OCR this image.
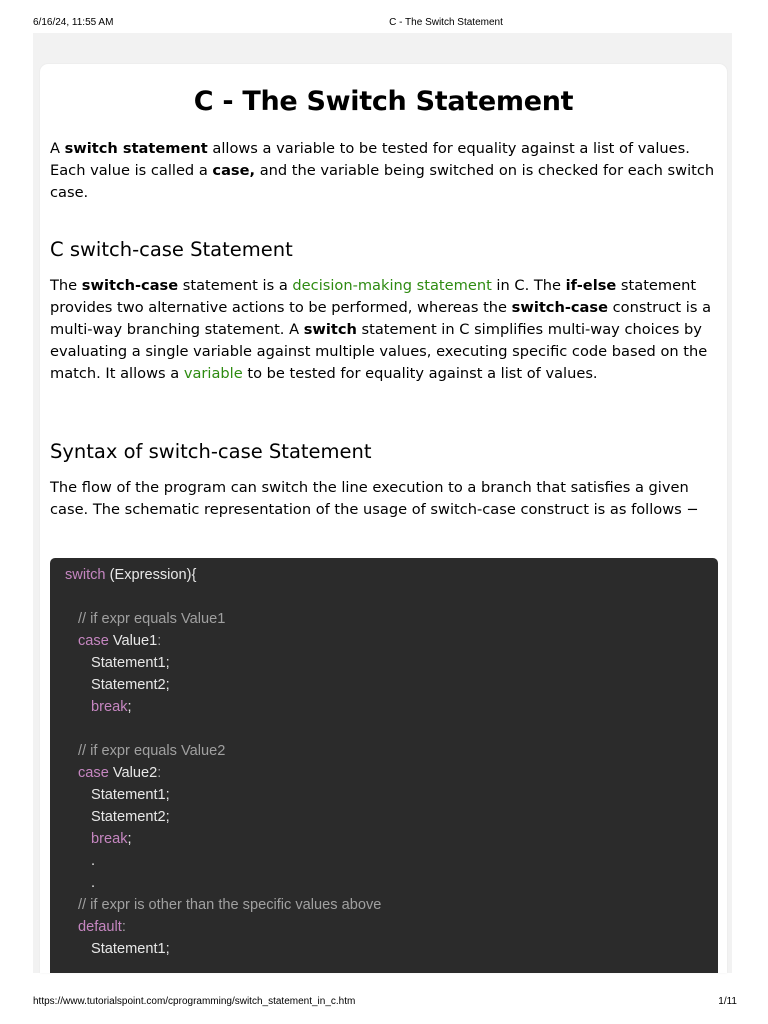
6/16/24, 11:55 AM	C - The Switch Statement
C - The Switch Statement

A switch statement allows a variable to be tested for equality against a list of values. Each value is called a case, and the variable being switched on is checked for each switch case.

C switch-case Statement

The switch-case statement is a decision-making statement in C. The if-else statement provides two alternative actions to be performed, whereas the switch-case construct is a multi-way branching statement. A switch statement in C simplifies multi-way choices by evaluating a single variable against multiple values, executing specific code based on the match. It allows a variable to be tested for equality against a list of values.

Syntax of switch-case Statement

The flow of the program can switch the line execution to a branch that satisfies a given case. The schematic representation of the usage of switch-case construct is as follows −

switch (Expression){
// if expr equals Value1
case Value1:
Statement1;
Statement2;
break;
// if expr equals Value2
case Value2:
Statement1;
Statement2;
break;
.
.
// if expr is other than the specific values above
default:
Statement1;
https://www.tutorialspoint.com/cprogramming/switch_statement_in_c.htm	1/11
